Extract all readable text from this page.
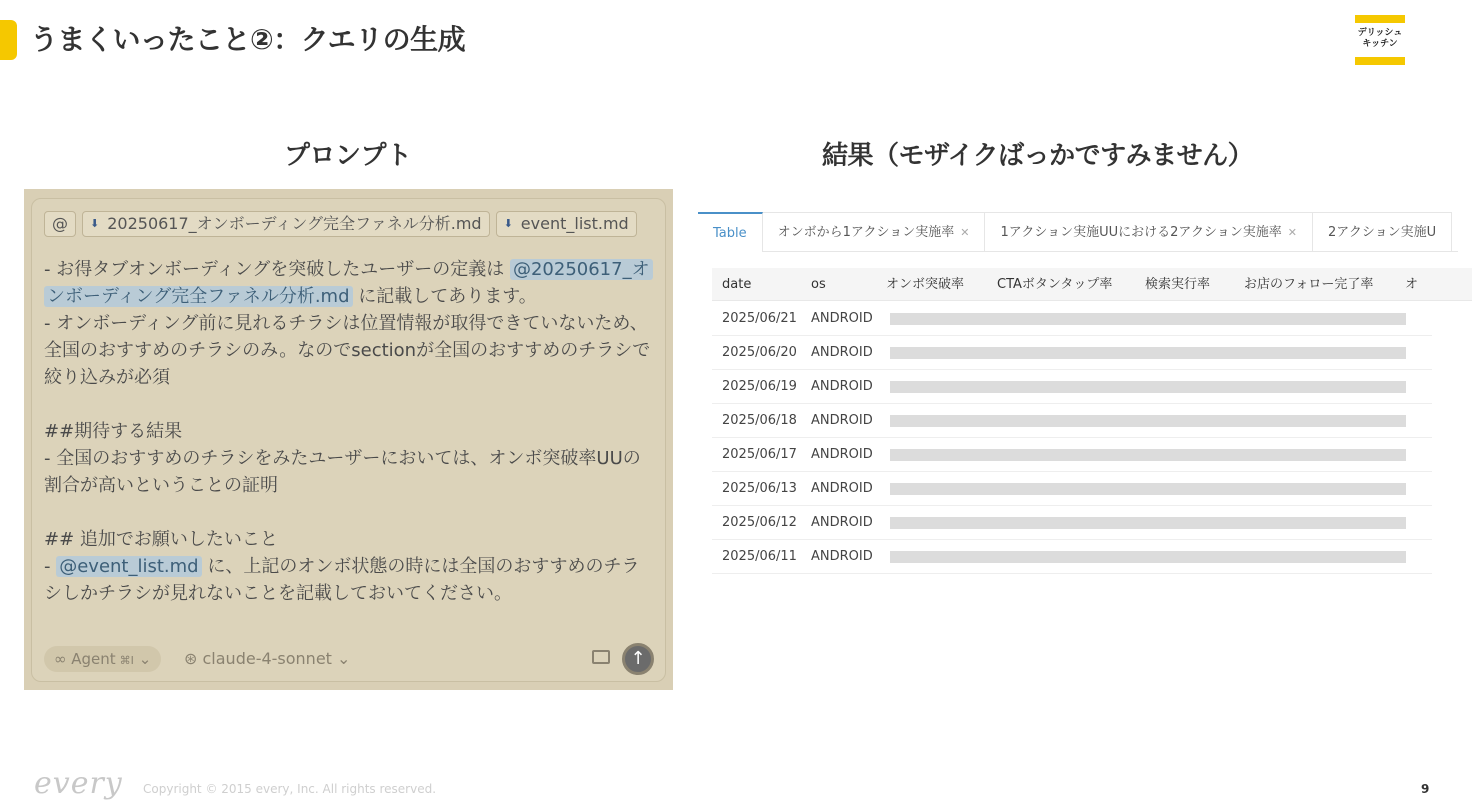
うまくいったこと②：クエリの生成	デリッシュ
キッチン
プロンプト	結果（モザイクばっかですみません）
@ ⬇ 20250617_オンボーディング完全ファネル分析.md ⬇ event_list.md
- お得タブオンボーディングを突破したユーザーの定義は @20250617_オ
ンボーディング完全ファネル分析.md に記載してあります。
- オンボーディング前に見れるチラシは位置情報が取得できていないため、
全国のおすすめのチラシのみ。なのでsectionが全国のおすすめのチラシで
絞り込みが必須
##期待する結果
- 全国のおすすめのチラシをみたユーザーにおいては、オンボ突破率UUの
割合が高いということの証明
## 追加でお願いしたいこと
- @event_list.md に、上記のオンボ状態の時には全国のおすすめのチラ
シしかチラシが見れないことを記載しておいてください。
∞ Agent ⌘I ⌄	⊛ claude-4-sonnet ⌄	↑
Table	オンボから1アクション実施率 ✕	1アクション実施UUにおける2アクション実施率 ✕	2アクション実施U
date	os	オンボ突破率	CTAボタンタップ率	検索実行率	お店のフォロー完了率 オ
2025/06/21 ANDROID
2025/06/20 ANDROID
2025/06/19 ANDROID
2025/06/18 ANDROID
2025/06/17 ANDROID
2025/06/13 ANDROID
2025/06/12 ANDROID
2025/06/11 ANDROID
every Copyright © 2015 every, Inc. All rights reserved.	9
